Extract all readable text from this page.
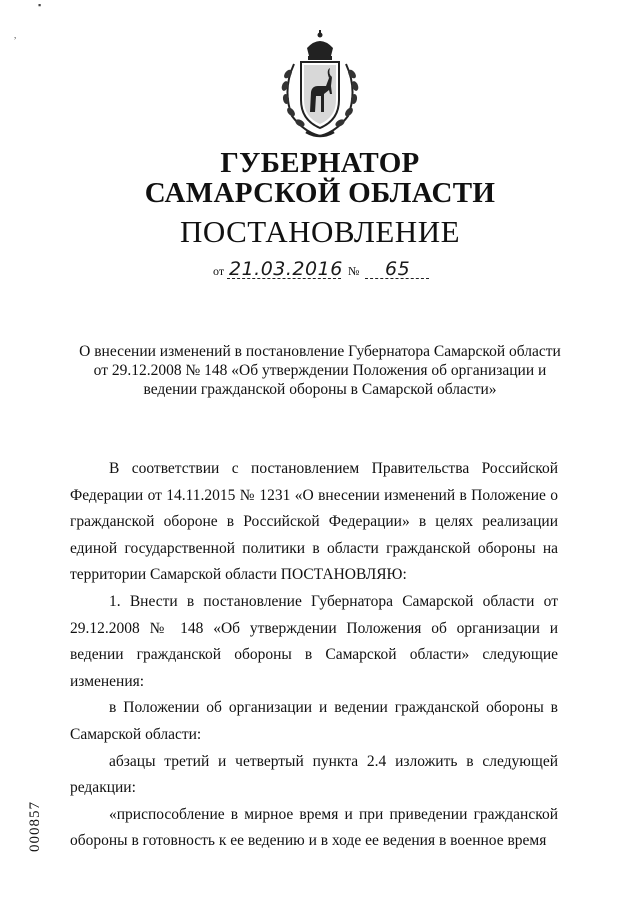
▪
,
ГУБЕРНАТОР
САМАРСКОЙ ОБЛАСТИ
ПОСТАНОВЛЕНИЕ
от 21.03.2016 № 65
О внесении изменений в постановление Губернатора Самарской области
от 29.12.2008 № 148 «Об утверждении Положения об организации и
ведении гражданской обороны в Самарской области»

В соответствии с постановлением Правительства Российской Федерации от 14.11.2015 № 1231 «О внесении изменений в Положение о гражданской обороне в Российской Федерации» в целях реализации единой государственной политики в области гражданской обороны на территории Самарской области ПОСТАНОВЛЯЮ:

1. Внести в постановление Губернатора Самарской области от 29.12.2008 № 148 «Об утверждении Положения об организации и ведении гражданской обороны в Самарской области» следующие изменения:

в Положении об организации и ведении гражданской обороны в Самарской области:

абзацы третий и четвертый пункта 2.4 изложить в следующей редакции:

«приспособление в мирное время и при приведении гражданской обороны в готовность к ее ведению и в ходе ее ведения в военное время

000857
